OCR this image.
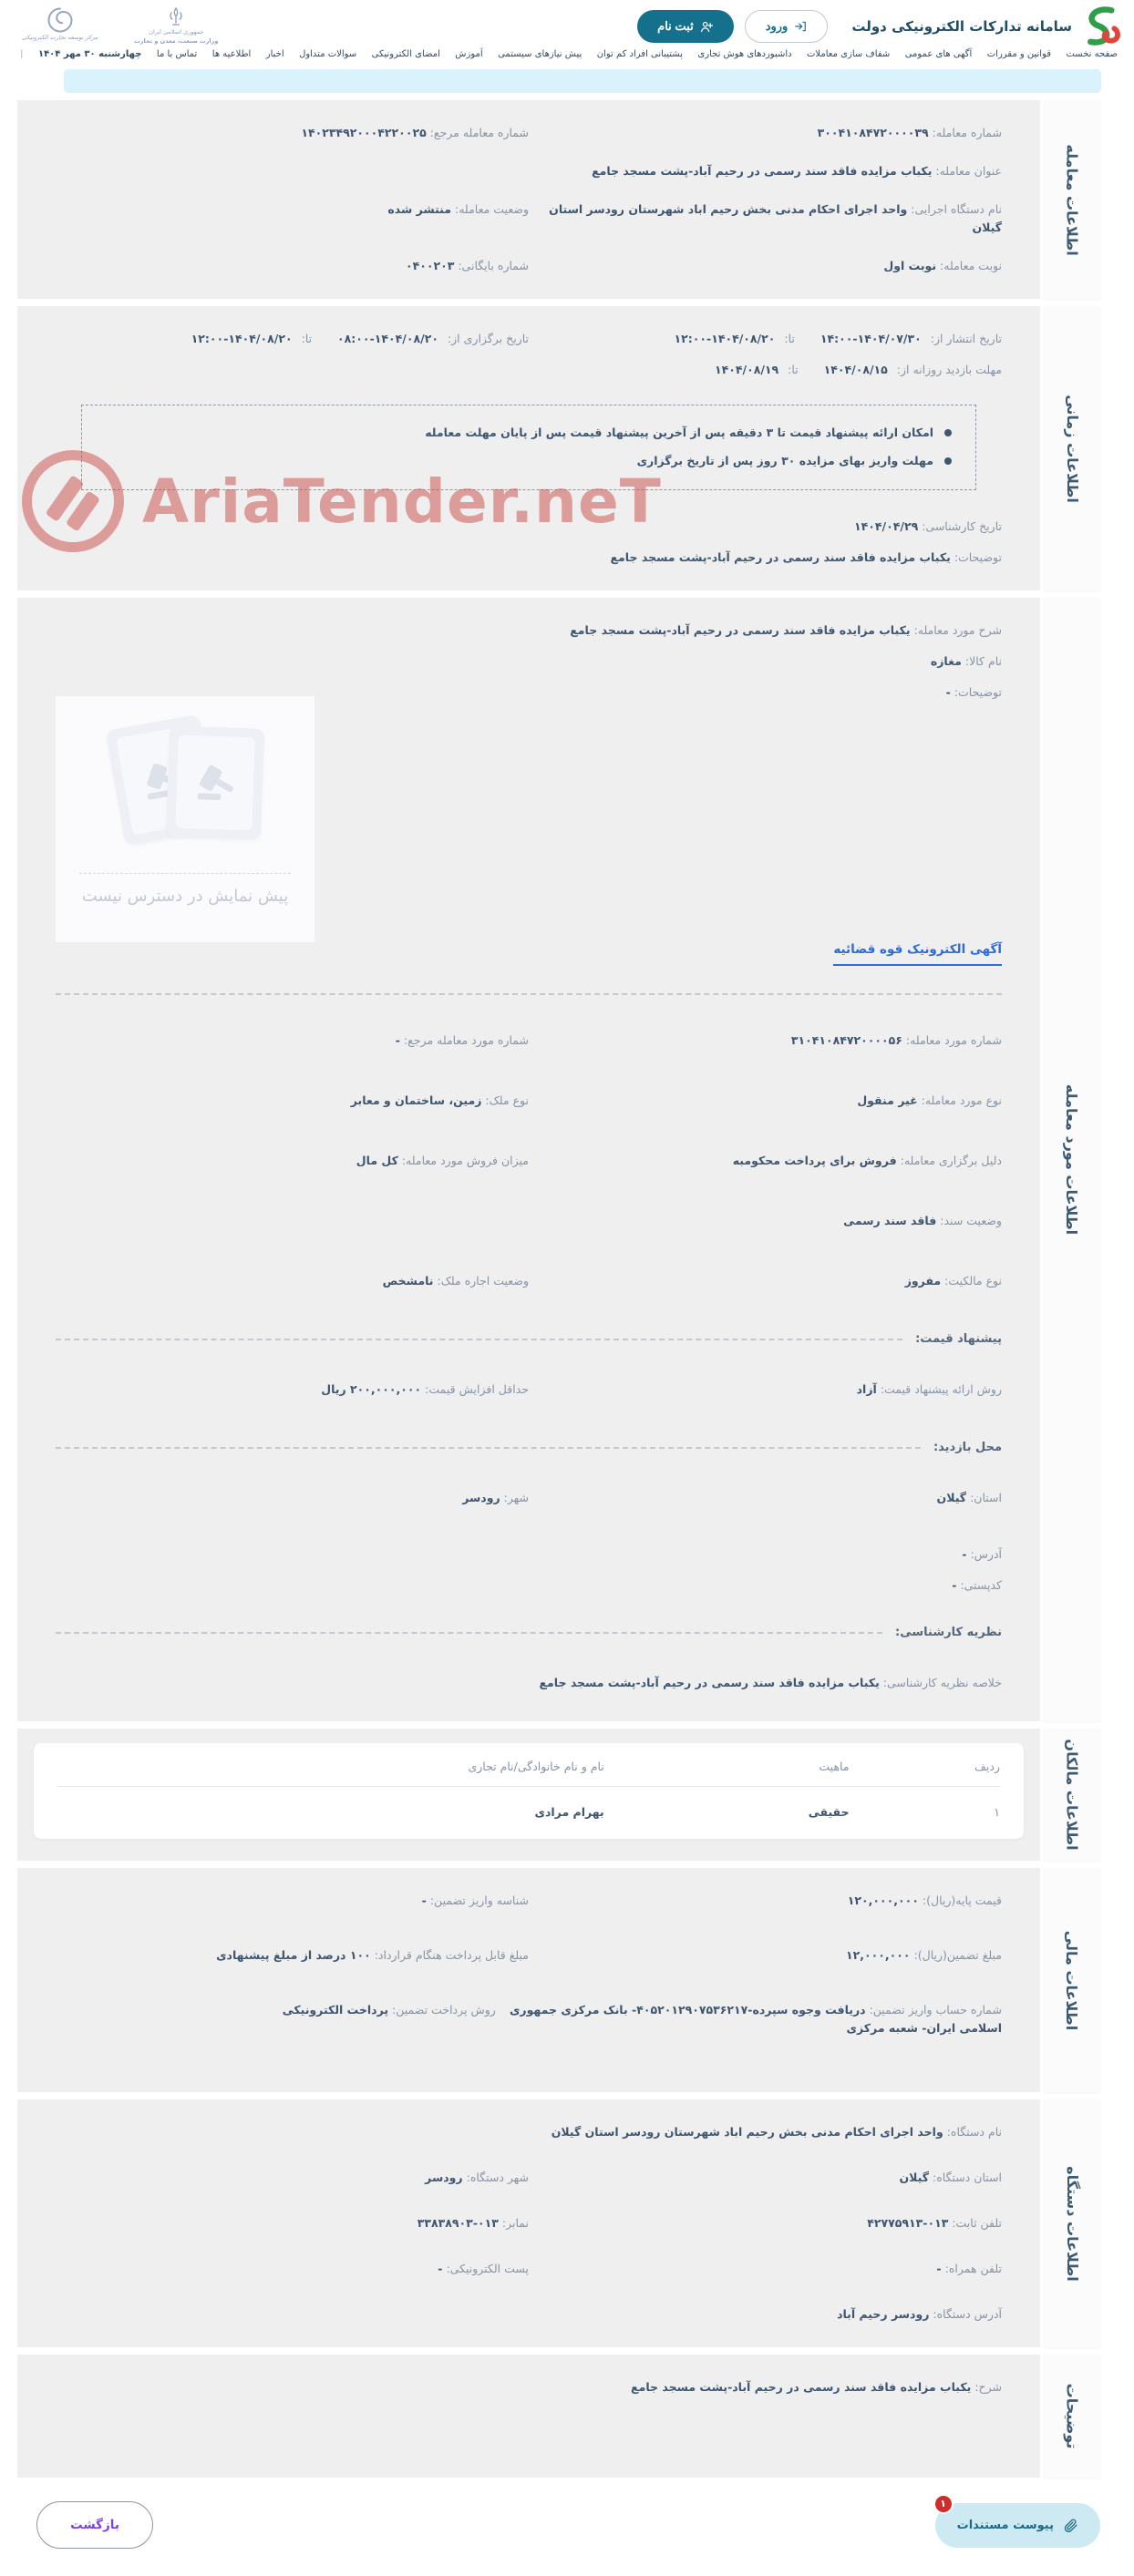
سامانه تدارکات الکترونیکی دولت
ورود
ثبت نام
جمهوری اسلامی ایران
وزارت صنعت، معدن و تجارت
مرکز توسعه تجارت الکترونیکی
صفحه نخست
قوانین و مقررات
آگهی های عمومی
شفاف سازی معاملات
داشبوردهای هوش تجاری
پشتیبانی افراد کم توان
پیش نیازهای سیستمی
آموزش
امضای الکترونیکی
سوالات متداول
اخبار
اطلاعیه ها
تماس با ما
چهارشنبه ۳۰ مهر ۱۴۰۴
|
AriaTender.neT
اطلاعات معامله
شماره معامله: ۳۰۰۴۱۰۸۴۷۲۰۰۰۰۳۹
شماره معامله مرجع: ۱۴۰۲۳۴۹۲۰۰۰۴۲۲۰۰۲۵
عنوان معامله: یکباب مزایده فاقد سند رسمی در رحیم آباد-پشت مسجد جامع
نام دستگاه اجرایی: واحد اجرای احکام مدنی بخش رحیم اباد شهرستان رودسر استان گیلان
وضعیت معامله: منتشر شده
نوبت معامله: نوبت اول
شماره بایگانی: ۰۴۰۰۲۰۳
اطلاعات زمانی
تاریخ انتشار از: ۱۴۰۴/۰۷/۳۰-۱۴:۰۰ تا: ۱۴۰۴/۰۸/۲۰-۱۲:۰۰
تاریخ برگزاری از: ۱۴۰۴/۰۸/۲۰-۰۸:۰۰ تا: ۱۴۰۴/۰۸/۲۰-۱۲:۰۰
مهلت بازدید روزانه از: ۱۴۰۴/۰۸/۱۵ تا: ۱۴۰۴/۰۸/۱۹
امکان ارائه پیشنهاد قیمت تا ۳ دقیقه پس از آخرین پیشنهاد قیمت پس از پایان مهلت معامله
مهلت واریز بهای مزایده ۳۰ روز پس از تاریخ برگزاری
تاریخ کارشناسی: ۱۴۰۴/۰۴/۲۹
توضیحات: یکباب مزایده فاقد سند رسمی در رحیم آباد-پشت مسجد جامع
اطلاعات مورد معامله
شرح مورد معامله: یکباب مزایده فاقد سند رسمی در رحیم آباد-پشت مسجد جامع
نام کالا: مغازه
توضیحات: -
پیش نمایش در دسترس نیست
آگهی الکترونیک قوه قضائیه
شماره مورد معامله: ۳۱۰۴۱۰۸۴۷۲۰۰۰۰۵۶
شماره مورد معامله مرجع: -
نوع مورد معامله: غیر منقول
نوع ملک: زمین، ساختمان و معابر
دلیل برگزاری معامله: فروش برای پرداخت محکومبه
میزان فروش مورد معامله: کل مال
وضعیت سند: فاقد سند رسمی
نوع مالکیت: مفروز
وضعیت اجاره ملک: نامشخص
پیشنهاد قیمت:
روش ارائه پیشنهاد قیمت: آزاد
حداقل افزایش قیمت: ۲۰۰,۰۰۰,۰۰۰ ریال
محل بازدید:
استان: گیلان
شهر: رودسر
آدرس: -
کدپستی: -
نظریه کارشناسی:
خلاصه نظریه کارشناسی: یکباب مزایده فاقد سند رسمی در رحیم آباد-پشت مسجد جامع
اطلاعات مالکان
ردیف
ماهیت
نام و نام خانوادگی/نام تجاری
۱
حقیقی
بهرام مرادی
اطلاعات مالی
قیمت پایه(ریال): ۱۲۰,۰۰۰,۰۰۰
شناسه واریز تضمین: -
مبلغ تضمین(ریال): ۱۲,۰۰۰,۰۰۰
مبلغ قابل پرداخت هنگام قرارداد: ۱۰۰ درصد از مبلغ پیشنهادی
شماره حساب واریز تضمین: دریافت وجوه سپرده-۴۰۵۲۰۱۲۹۰۷۵۳۶۲۱۷- بانک مرکزی جمهوری اسلامی ایران- شعبه مرکزی
روش پرداخت تضمین: پرداخت الکترونیکی
اطلاعات دستگاه
نام دستگاه: واحد اجرای احکام مدنی بخش رحیم اباد شهرستان رودسر استان گیلان
استان دستگاه: گیلان
شهر دستگاه: رودسر
تلفن ثابت: ۰۱۳-۴۲۷۷۵۹۱۳
نمابر: ۰۱۳-۳۳۸۳۸۹۰۳
تلفن همراه: -
پست الکترونیکی: -
آدرس دستگاه: رودسر رحیم آباد
توضیحات
شرح: یکباب مزایده فاقد سند رسمی در رحیم آباد-پشت مسجد جامع
۱
پیوست مستندات
بازگشت
